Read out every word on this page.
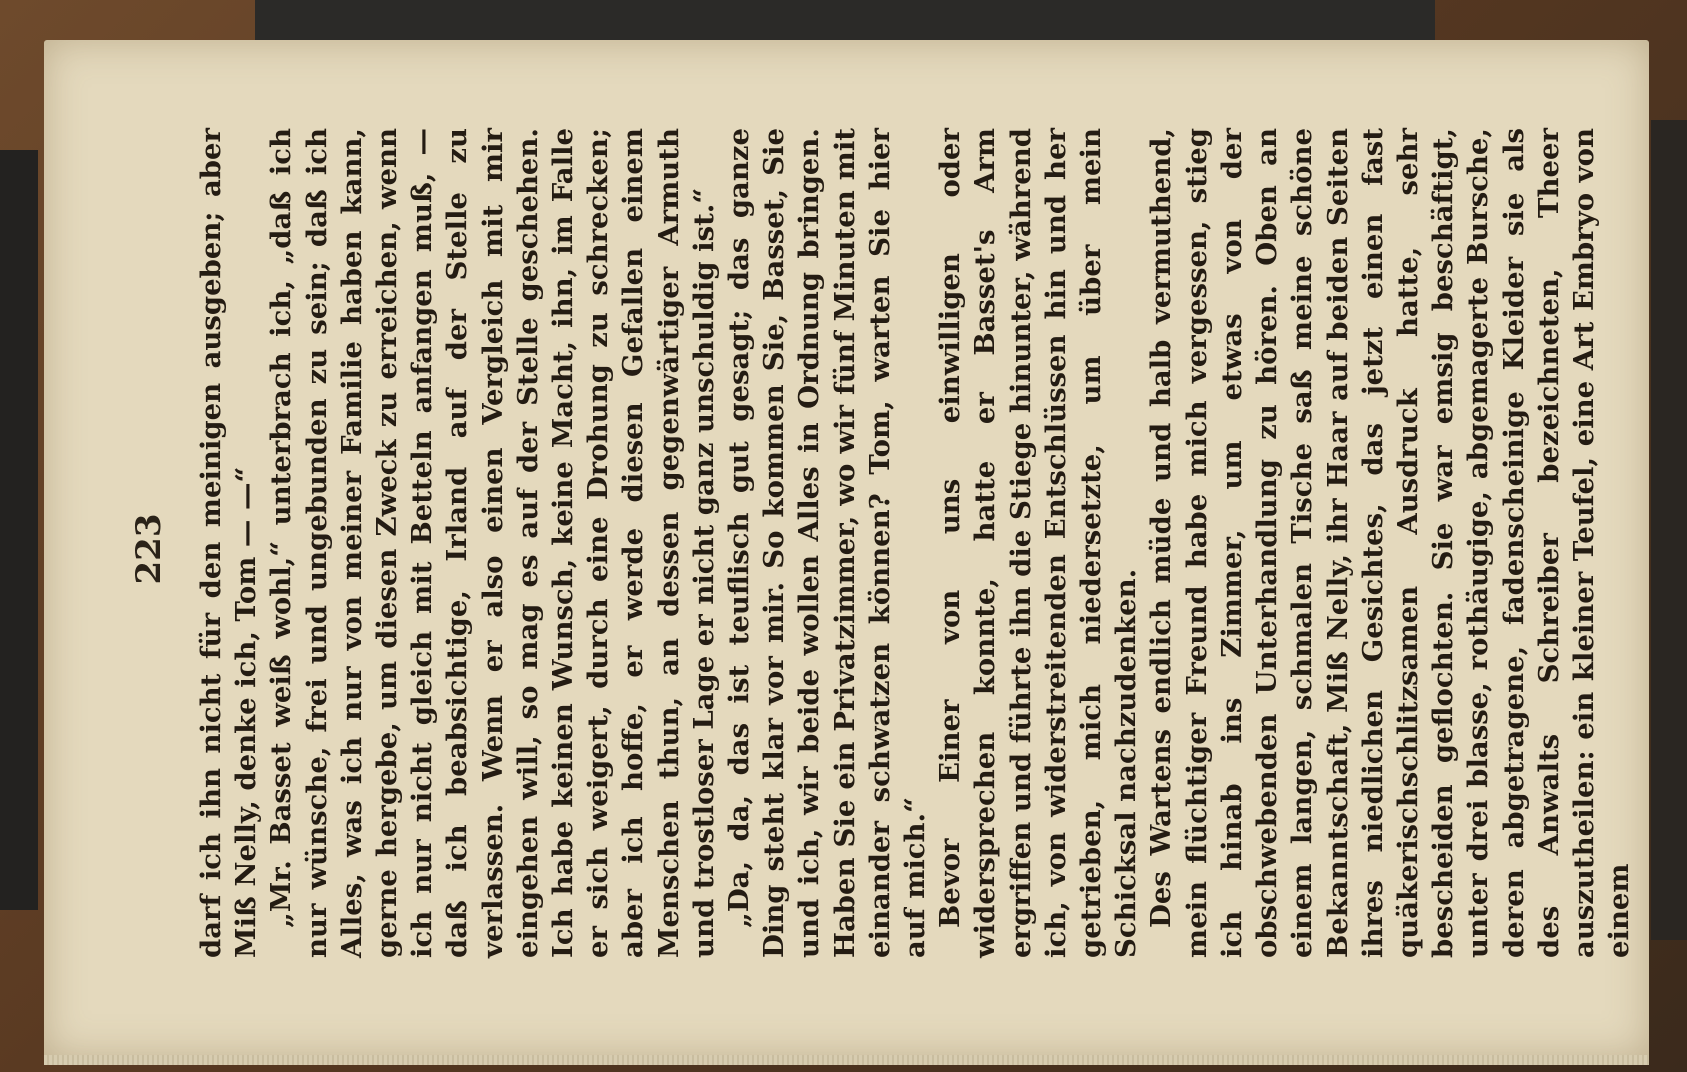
223 darf ich ihn nicht für den meinigen ausgeben; aber Miß Nelly, denke ich, Tom — —“ „Mr. Basset weiß wohl,“ unterbrach ich, „daß ich nur wünsche, frei und ungebunden zu sein; daß ich Alles, was ich nur von meiner Familie haben kann, gerne hergebe, um diesen Zweck zu erreichen, wenn ich nur nicht gleich mit Betteln anfangen muß, — daß ich beabsichtige, Irland auf der Stelle zu verlassen. Wenn er also einen Vergleich mit mir eingehen will, so mag es auf der Stelle geschehen. Ich habe keinen Wunsch, keine Macht, ihn, im Falle er sich weigert, durch eine Drohung zu schrecken; aber ich hoffe, er werde diesen Gefallen einem Menschen thun, an dessen gegenwärtiger Armuth und trostloser Lage er nicht ganz unschuldig ist.“ „Da, da, das ist teuflisch gut gesagt; das ganze Ding steht klar vor mir. So kommen Sie, Basset, Sie und ich, wir beide wollen Alles in Ordnung bringen. Haben Sie ein Privatzimmer, wo wir fünf Minuten mit einander schwatzen können? Tom, warten Sie hier auf mich.“ Bevor Einer von uns einwilligen oder widersprechen konnte, hatte er Basset's Arm ergriffen und führte ihn die Stiege hinunter, während ich, von widerstreitenden Entschlüssen hin und her getrieben, mich niedersetzte, um über mein Schicksal nachzudenken. Des Wartens endlich müde und halb vermuthend, mein flüchtiger Freund habe mich vergessen, stieg ich hinab ins Zimmer, um etwas von der obschwebenden Unterhandlung zu hören. Oben an einem langen, schmalen Tische saß meine schöne Bekanntschaft, Miß Nelly, ihr Haar auf beiden Seiten ihres niedlichen Gesichtes, das jetzt einen fast quäkerischschlitzsamen Ausdruck hatte, sehr bescheiden geflochten. Sie war emsig beschäftigt, unter drei blasse, rothäugige, abgemagerte Bursche, deren abgetragene, fadenscheinige Kleider sie als des Anwalts Schreiber bezeichneten, Theer auszutheilen: ein kleiner Teufel, eine Art Embryo von einem
